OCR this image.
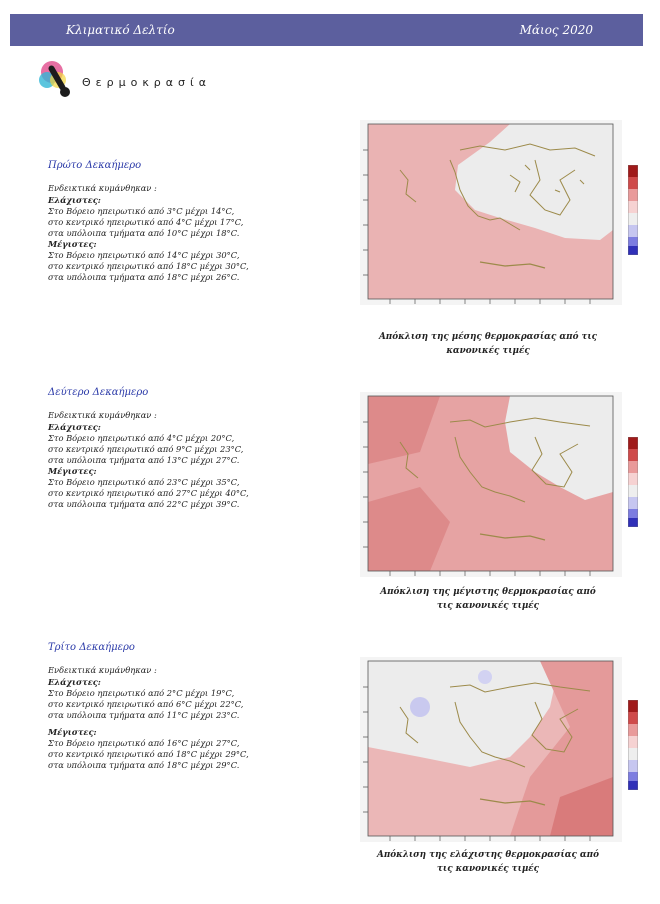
Κλιματικό Δελτίο	Μάιος 2020
Θερμοκρασία
Πρώτο Δεκαήμερο
Ενδεικτικά κυμάνθηκαν :
Ελάχιστες:
Στο Βόρειο ηπειρωτικό από 3°C μέχρι 14°C,
στο κεντρικό ηπειρωτικό από 4°C μέχρι 17°C,
στα υπόλοιπα τμήματα από 10°C μέχρι 18°C.
Μέγιστες:
Στο Βόρειο ηπειρωτικό από 14°C μέχρι 30°C,
στο κεντρικό ηπειρωτικό από 18°C μέχρι 30°C,
στα υπόλοιπα τμήματα από 18°C μέχρι 26°C.
Δεύτερο Δεκαήμερο
Ενδεικτικά κυμάνθηκαν :
Ελάχιστες:
Στο Βόρειο ηπειρωτικό από 4°C μέχρι 20°C,
στο κεντρικό ηπειρωτικό από 9°C μέχρι 23°C,
στα υπόλοιπα τμήματα από 13°C μέχρι 27°C.
Μέγιστες:
Στο Βόρειο ηπειρωτικό από 23°C μέχρι 35°C,
στο κεντρικό ηπειρωτικό από 27°C μέχρι 40°C,
στα υπόλοιπα τμήματα από 22°C μέχρι 39°C.
Τρίτο Δεκαήμερο
Ενδεικτικά κυμάνθηκαν :
Ελάχιστες:
Στο Βόρειο ηπειρωτικό από 2°C μέχρι 19°C,
στο κεντρικό ηπειρωτικό από 6°C μέχρι 22°C,
στα υπόλοιπα τμήματα από 11°C μέχρι 23°C.
Μέγιστες:
Στο Βόρειο ηπειρωτικό από 16°C μέχρι 27°C,
στο κεντρικό ηπειρωτικό από 18°C μέχρι 29°C,
στα υπόλοιπα τμήματα από 18°C μέχρι 29°C.
Απόκλιση της μέσης θερμοκρασίας από τις
κανονικές τιμές
Απόκλιση της μέγιστης θερμοκρασίας από
τις κανονικές τιμές
Απόκλιση της ελάχιστης θερμοκρασίας από
τις κανονικές τιμές
